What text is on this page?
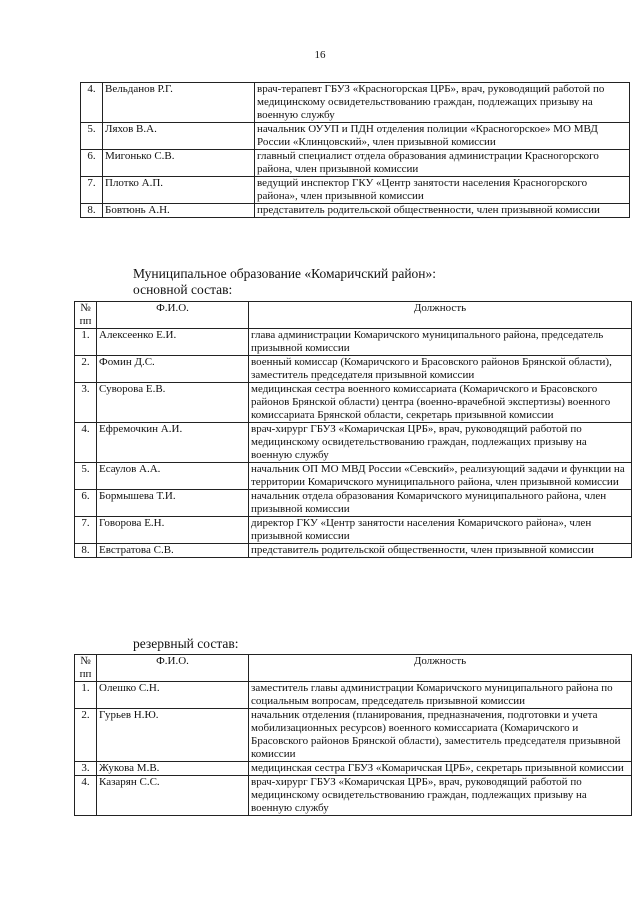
16
4.	Вельданов Р.Г.	врач-терапевт ГБУЗ «Красногорская ЦРБ», врач, руководящий работой по медицинскому освидетельствованию граждан, подлежащих призыву на военную службу
5.	Ляхов В.А.	начальник ОУУП и ПДН отделения полиции «Красногорское» МО МВД России «Клинцовский», член призывной комиссии
6.	Мигонько С.В.	главный специалист отдела образования администрации Красногорского района, член призывной комиссии
7.	Плотко А.П.	ведущий инспектор ГКУ «Центр занятости населения Красногорского района», член призывной комиссии
8.	Бовтюнь А.Н.	представитель родительской общественности, член призывной комиссии
Муниципальное образование «Комаричский район»:
основной состав:
№ пп	Ф.И.О.	Должность
1.	Алексеенко Е.И.	глава администрации Комаричского муниципального района, председатель призывной комиссии
2.	Фомин Д.С.	военный комиссар (Комаричского и Брасовского районов Брянской области), заместитель председателя призывной комиссии
3.	Суворова Е.В.	медицинская сестра военного комиссариата (Комаричского и Брасовского районов Брянской области) центра (военно-врачебной экспертизы) военного комиссариата Брянской области, секретарь призывной комиссии
4.	Ефремочкин А.И.	врач-хирург ГБУЗ «Комаричская ЦРБ», врач, руководящий работой по медицинскому освидетельствованию граждан, подлежащих призыву на военную службу
5.	Есаулов А.А.	начальник ОП МО МВД России «Севский», реализующий задачи и функции на территории Комаричского муниципального района, член призывной комиссии
6.	Бормышева Т.И.	начальник отдела образования Комаричского муниципального района, член призывной комиссии
7.	Говорова Е.Н.	директор ГКУ «Центр занятости населения Комаричского района», член призывной комиссии
8.	Евстратова С.В.	представитель родительской общественности, член призывной комиссии
резервный состав:
№ пп	Ф.И.О.	Должность
1.	Олешко С.Н.	заместитель главы администрации Комаричского муниципального района по социальным вопросам, председатель призывной комиссии
2.	Гурьев Н.Ю.	начальник отделения (планирования, предназначения, подготовки и учета мобилизационных ресурсов) военного комиссариата (Комаричского и Брасовского районов Брянской области), заместитель председателя призывной комиссии
3.	Жукова М.В.	медицинская сестра ГБУЗ «Комаричская ЦРБ», секретарь призывной комиссии
4.	Казарян С.С.	врач-хирург ГБУЗ «Комаричская ЦРБ», врач, руководящий работой по медицинскому освидетельствованию граждан, подлежащих призыву на военную службу
